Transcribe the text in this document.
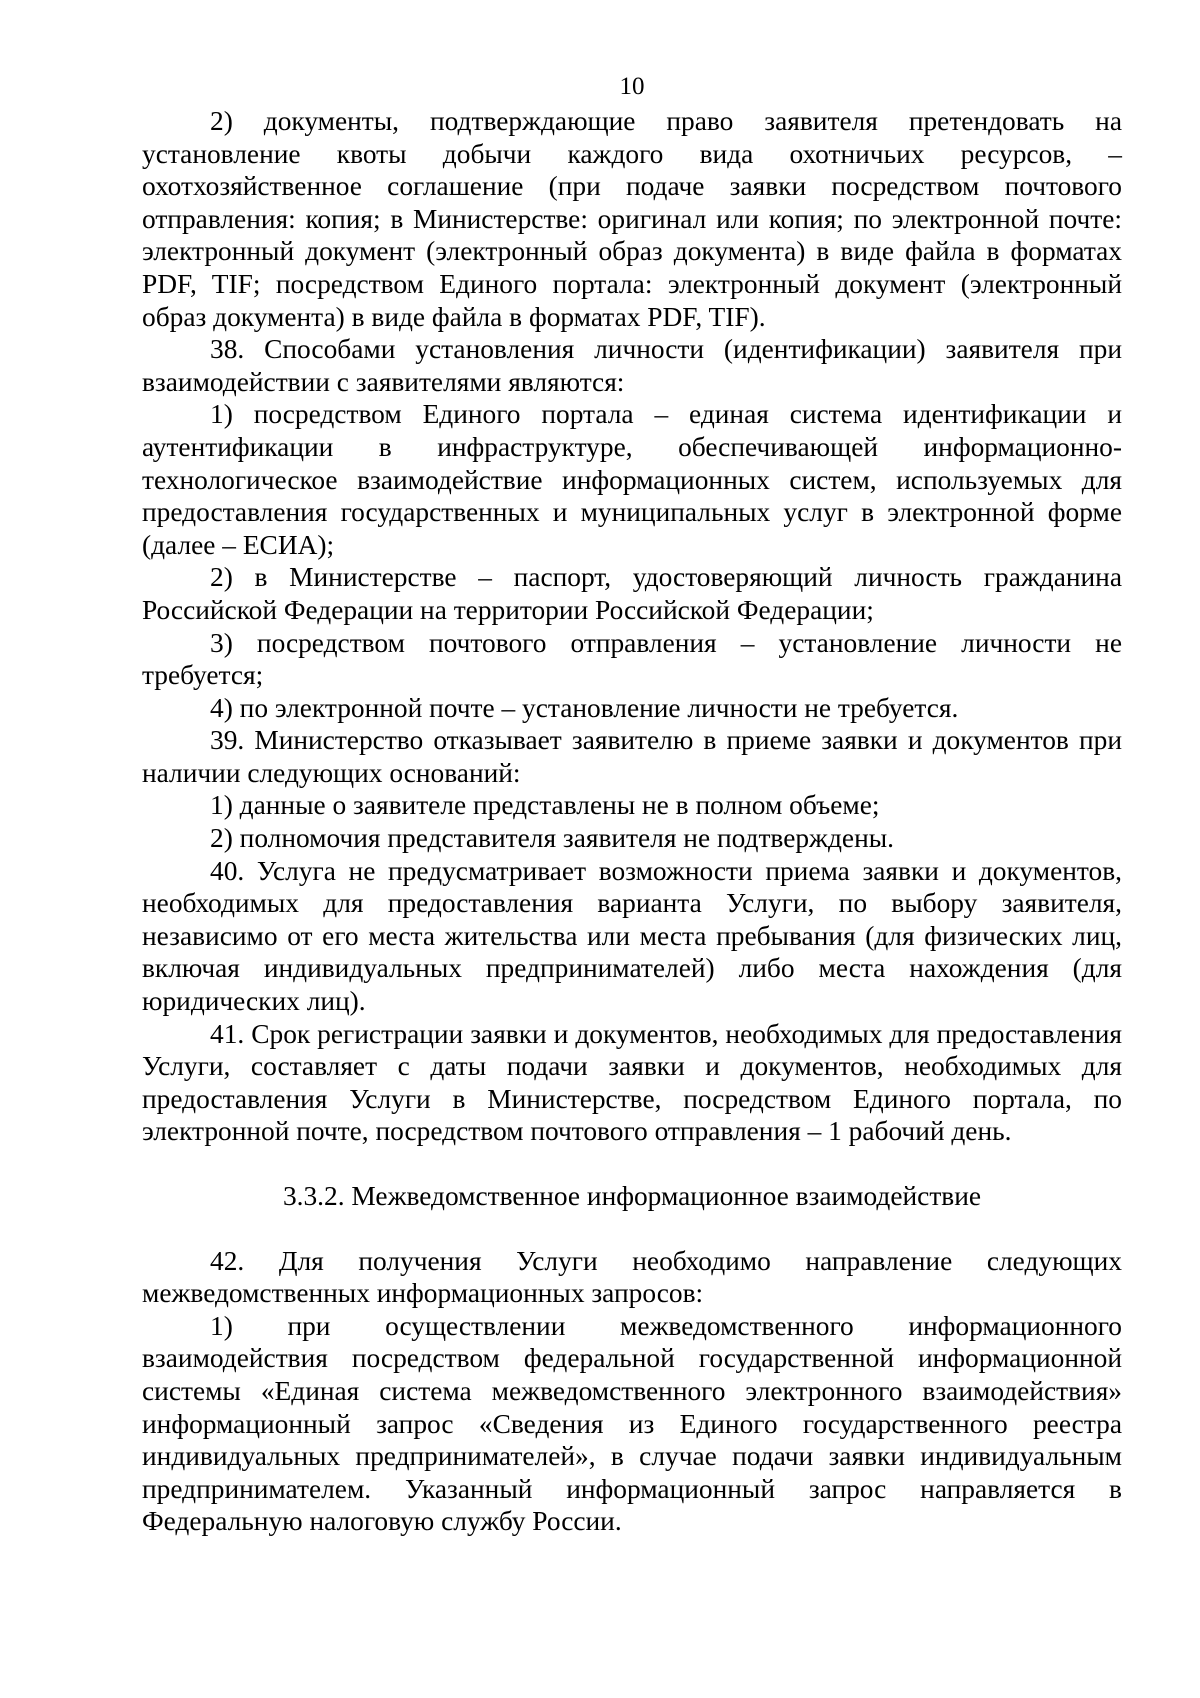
10

2) документы, подтверждающие право заявителя претендовать на установление квоты добычи каждого вида охотничьих ресурсов, – охотхозяйственное соглашение (при подаче заявки посредством почтового отправления: копия; в Министерстве: оригинал или копия; по электронной почте: электронный документ (электронный образ документа) в виде файла в форматах PDF, TIF; посредством Единого портала: электронный документ (электронный образ документа) в виде файла в форматах PDF, TIF).

38. Способами установления личности (идентификации) заявителя при взаимодействии с заявителями являются:

1) посредством Единого портала – единая система идентификации и аутентификации в инфраструктуре, обеспечивающей информационно-технологическое взаимодействие информационных систем, используемых для предоставления государственных и муниципальных услуг в электронной форме (далее – ЕСИА);

2) в Министерстве – паспорт, удостоверяющий личность гражданина Российской Федерации на территории Российской Федерации;

3) посредством почтового отправления – установление личности не требуется;

4) по электронной почте – установление личности не требуется.

39. Министерство отказывает заявителю в приеме заявки и документов при наличии следующих оснований:

1) данные о заявителе представлены не в полном объеме;

2) полномочия представителя заявителя не подтверждены.

40. Услуга не предусматривает возможности приема заявки и документов, необходимых для предоставления варианта Услуги, по выбору заявителя, независимо от его места жительства или места пребывания (для физических лиц, включая индивидуальных предпринимателей) либо места нахождения (для юридических лиц).

41. Срок регистрации заявки и документов, необходимых для предоставления Услуги, составляет с даты подачи заявки и документов, необходимых для предоставления Услуги в Министерстве, посредством Единого портала, по электронной почте, посредством почтового отправления – 1 рабочий день.

3.3.2. Межведомственное информационное взаимодействие

42. Для получения Услуги необходимо направление следующих межведомственных информационных запросов:

1) при осуществлении межведомственного информационного взаимодействия посредством федеральной государственной информационной системы «Единая система межведомственного электронного взаимодействия» информационный запрос «Сведения из Единого государственного реестра индивидуальных предпринимателей», в случае подачи заявки индивидуальным предпринимателем. Указанный информационный запрос направляется в Федеральную налоговую службу России.
